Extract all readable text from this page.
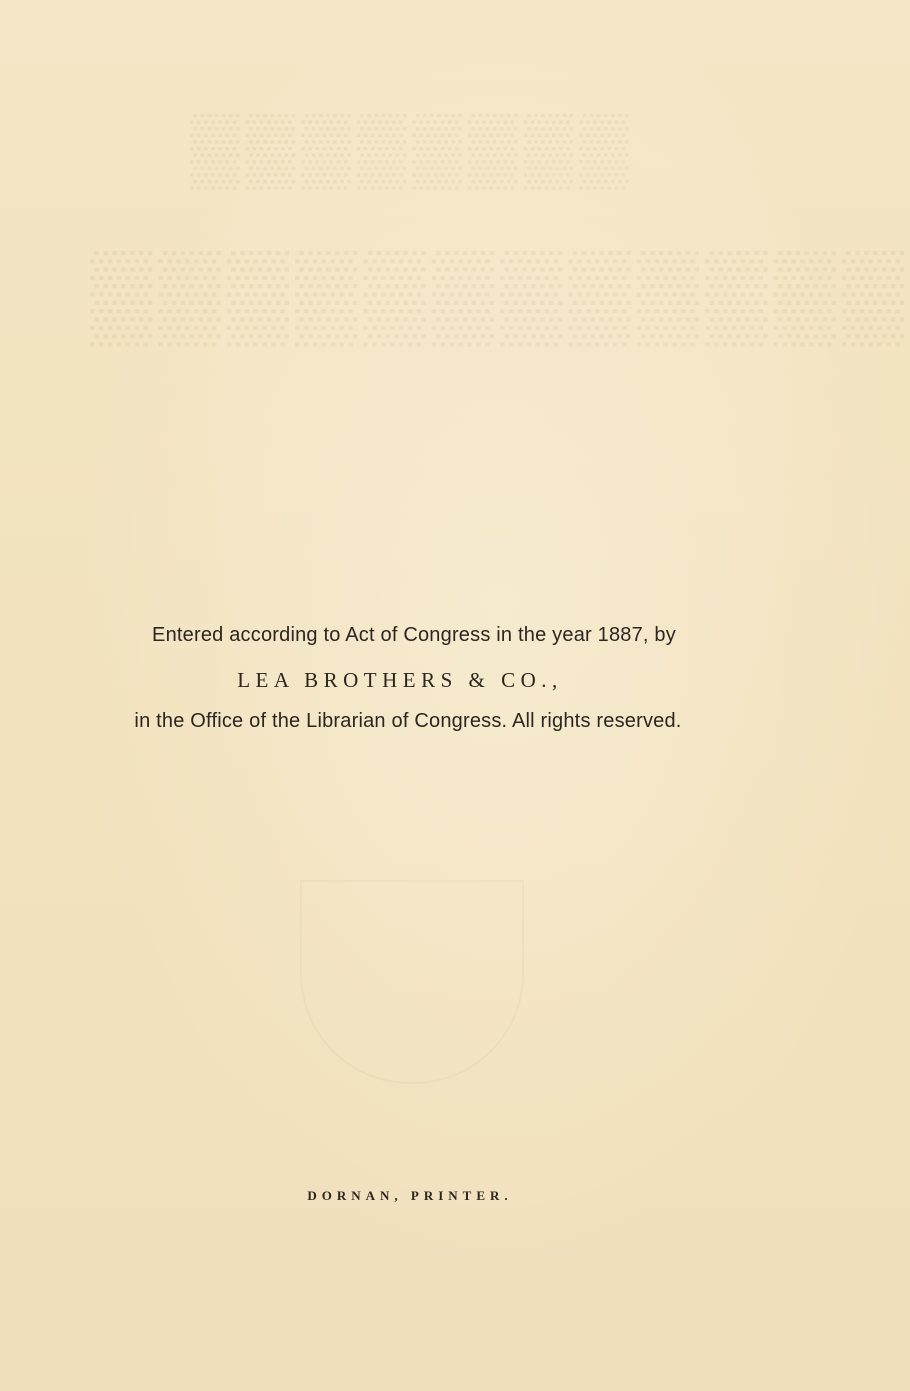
▒▒▒▒▒▒▒▒
▒▒▒▒▒▒▒▒▒▒▒▒
Entered according to Act of Congress in the year 1887, by
LEA BROTHERS & CO.,
in the Office of the Librarian of Congress. All rights reserved.
DORNAN, PRINTER.
